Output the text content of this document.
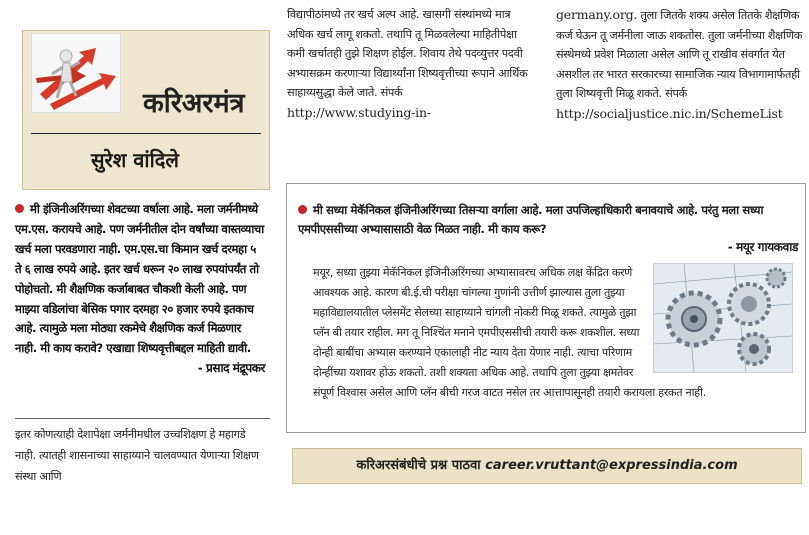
करिअरमंत्र
सुरेश वांदिले
मी इंजिनीअरिंगच्या शेवटच्या वर्षाला आहे. मला जर्मनीमध्ये एम.एस. करायचे आहे. पण जर्मनीतील दोन वर्षांच्या वास्तव्याचा खर्च मला परवडणारा नाही. एम.एस.चा किमान खर्च दरमहा ५ ते ६ लाख रुपये आहे. इतर खर्च धरून २० लाख रुपयांपर्यंत तो पोहोचतो. मी शैक्षणिक कर्जाबाबत चौकशी केली आहे. पण माझ्या वडिलांचा बेसिक पगार दरमहा २० हजार रुपये इतकाच आहे. त्यामुळे मला मोठ्या रकमेचे शैक्षणिक कर्ज मिळणार नाही. मी काय करावे? एखाद्या शिष्यवृत्तीबद्दल माहिती द्यावी.
- प्रसाद मंद्रूपकर
इतर कोणत्याही देशापेक्षा जर्मनीमधील उच्चशिक्षण हे महागडे नाही. त्यातही शासनाच्या साहाय्याने चालवण्यात येणाऱ्या शिक्षण संस्था आणि
विद्यापीठांमध्ये तर खर्च अल्प आहे. खासगी संस्थांमध्ये मात्र अधिक खर्च लागू शकतो. तथापि तू मिळवलेल्या माहितीपेक्षा कमी खर्चातही तुझे शिक्षण होईल. शिवाय तेथे पदव्युत्तर पदवी अभ्यासक्रम करणाऱ्या विद्यार्थ्यांना शिष्यवृत्तीच्या रूपाने आर्थिक साहाय्यसुद्धा केले जाते. संपर्क
http://www.studying-in-
germany.org. तुला जितके शक्य असेल तितके शैक्षणिक कर्ज घेऊन तू जर्मनीला जाऊ शकतोस. तुला जर्मनीच्या शैक्षणिक संस्थेमध्ये प्रवेश मिळाला असेल आणि तू राखीव संवर्गात येत असशील तर भारत सरकारच्या सामाजिक न्याय विभागामार्फतही तुला शिष्यवृत्ती मिळू शकते. संपर्क
http://socialjustice.nic.in/SchemeList
मी सध्या मेकॅनिकल इंजिनीअरिंगच्या तिसऱ्या वर्गाला आहे. मला उपजिल्हाधिकारी बनावयाचे आहे. परंतु मला सध्या एमपीएससीच्या अभ्यासासाठी वेळ मिळत नाही. मी काय करू?
- मयूर गायकवाड
मयूर, सध्या तुझ्या मेकॅनिकल इंजिनीअरिंगच्या अभ्यासावरच अधिक लक्ष केंद्रित करणे आवश्यक आहे. कारण बी.ई.ची परीक्षा चांगल्या गुणांनी उत्तीर्ण झाल्यास तुला तुझ्या महाविद्यालयातील प्लेसमेंट सेलच्या साहाय्याने चांगली नोकरी मिळू शकते. त्यामुळे तुझा प्लॅन बी तयार राहील. मग तू निश्चिंत मनाने एमपीएससीची तयारी करू शकशील. सध्या दोन्ही बाबींचा अभ्यास करण्याने एकालाही नीट न्याय देता येणार नाही. त्याचा परिणाम दोन्हींच्या यशावर होऊ शकतो. तशी शक्यता अधिक आहे. तथापि तुला तुझ्या क्षमतेवर संपूर्ण विश्वास असेल आणि प्लॅन बीची गरज वाटत नसेल तर आत्तापासूनही तयारी करायला हरकत नाही.
करिअरसंबंधीचे प्रश्न पाठवा career.vruttant@expressindia.com
